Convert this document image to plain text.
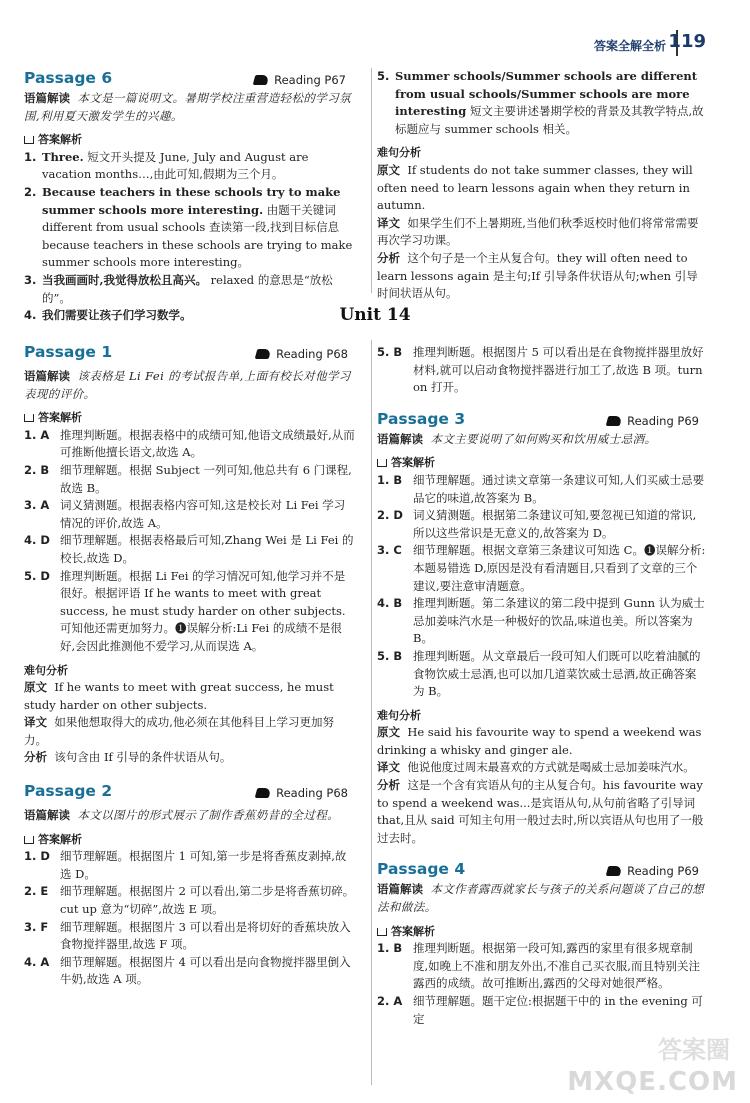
答案全解全析 119
Passage 6	Reading P67
语篇解读 本文是一篇说明文。暑期学校注重营造轻松的学习氛围,利用夏天激发学生的兴趣。
答案解析
1. Three. 短文开头提及 June, July and August are vacation months…,由此可知,假期为三个月。
2. Because teachers in these schools try to make summer schools more interesting. 由题干关键词 different from usual schools 查读第一段,找到目标信息 because teachers in these schools are trying to make summer schools more interesting。
3. 当我画画时,我觉得放松且高兴。 relaxed 的意思是“放松的”。
4. 我们需要让孩子们学习数学。
5. Summer schools/Summer schools are different from usual schools/Summer schools are more interesting 短文主要讲述暑期学校的背景及其教学特点,故标题应与 summer schools 相关。
难句分析
原文 If students do not take summer classes, they will often need to learn lessons again when they return in autumn.
译文 如果学生们不上暑期班,当他们秋季返校时他们将常常需要再次学习功课。
分析 这个句子是一个主从复合句。they will often need to learn lessons again 是主句;If 引导条件状语从句;when 引导时间状语从句。
Unit 14
Passage 1	Reading P68
语篇解读 该表格是 Li Fei 的考试报告单,上面有校长对他学习表现的评价。
答案解析
1. A 推理判断题。根据表格中的成绩可知,他语文成绩最好,从而可推断他擅长语文,故选 A。
2. B 细节理解题。根据 Subject 一列可知,他总共有 6 门课程,故选 B。
3. A 词义猜测题。根据表格内容可知,这是校长对 Li Fei 学习情况的评价,故选 A。
4. D 细节理解题。根据表格最后可知,Zhang Wei 是 Li Fei 的校长,故选 D。
5. D 推理判断题。根据 Li Fei 的学习情况可知,他学习并不是很好。根据评语 If he wants to meet with great success, he must study harder on other subjects.可知他还需更加努力。❶误解分析:Li Fei 的成绩不是很好,会因此推测他不爱学习,从而误选 A。
难句分析
原文 If he wants to meet with great success, he must study harder on other subjects.
译文 如果他想取得大的成功,他必须在其他科目上学习更加努力。
分析 该句含由 If 引导的条件状语从句。
Passage 2	Reading P68
语篇解读 本文以图片的形式展示了制作香蕉奶昔的全过程。
答案解析
1. D 细节理解题。根据图片 1 可知,第一步是将香蕉皮剥掉,故选 D。
2. E	细节理解题。根据图片 2 可以看出,第二步是将香蕉切碎。cut up 意为“切碎”,故选 E 项。
3. F	细节理解题。根据图片 3 可以看出是将切好的香蕉块放入食物搅拌器里,故选 F 项。
4. A 细节理解题。根据图片 4 可以看出是向食物搅拌器里倒入牛奶,故选 A 项。
5. B 推理判断题。根据图片 5 可以看出是在食物搅拌器里放好材料,就可以启动食物搅拌器进行加工了,故选 B 项。turn on 打开。
Passage 3	Reading P69
语篇解读 本文主要说明了如何购买和饮用威士忌酒。
答案解析
1. B 细节理解题。通过读文章第一条建议可知,人们买威士忌要品它的味道,故答案为 B。
2. D 词义猜测题。根据第二条建议可知,要忽视已知道的常识,所以这些常识是无意义的,故答案为 D。
3. C 细节理解题。根据文章第三条建议可知选 C。❶误解分析:本题易错选 D,原因是没有看清题目,只看到了文章的三个建议,要注意审清题意。
4. B 推理判断题。第二条建议的第二段中提到 Gunn 认为威士忌加姜味汽水是一种极好的饮品,味道也美。所以答案为 B。
5. B 推理判断题。从文章最后一段可知人们既可以吃着油腻的食物饮威士忌酒,也可以加几道菜饮威士忌酒,故正确答案为 B。
难句分析
原文 He said his favourite way to spend a weekend was drinking a whisky and ginger ale.
译文 他说他度过周末最喜欢的方式就是喝威士忌加姜味汽水。
分析 这是一个含有宾语从句的主从复合句。his favourite way to spend a weekend was...是宾语从句,从句前省略了引导词 that,且从 said 可知主句用一般过去时,所以宾语从句也用了一般过去时。
Passage 4	Reading P69
语篇解读 本文作者露西就家长与孩子的关系问题谈了自己的想法和做法。
答案解析
1. B 推理判断题。根据第一段可知,露西的家里有很多规章制度,如晚上不准和朋友外出,不准自己买衣服,而且特别关注露西的成绩。故可推断出,露西的父母对她很严格。
2. A 细节理解题。题干定位:根据题干中的 in the evening 可定
答案圈
MXQE.COM
